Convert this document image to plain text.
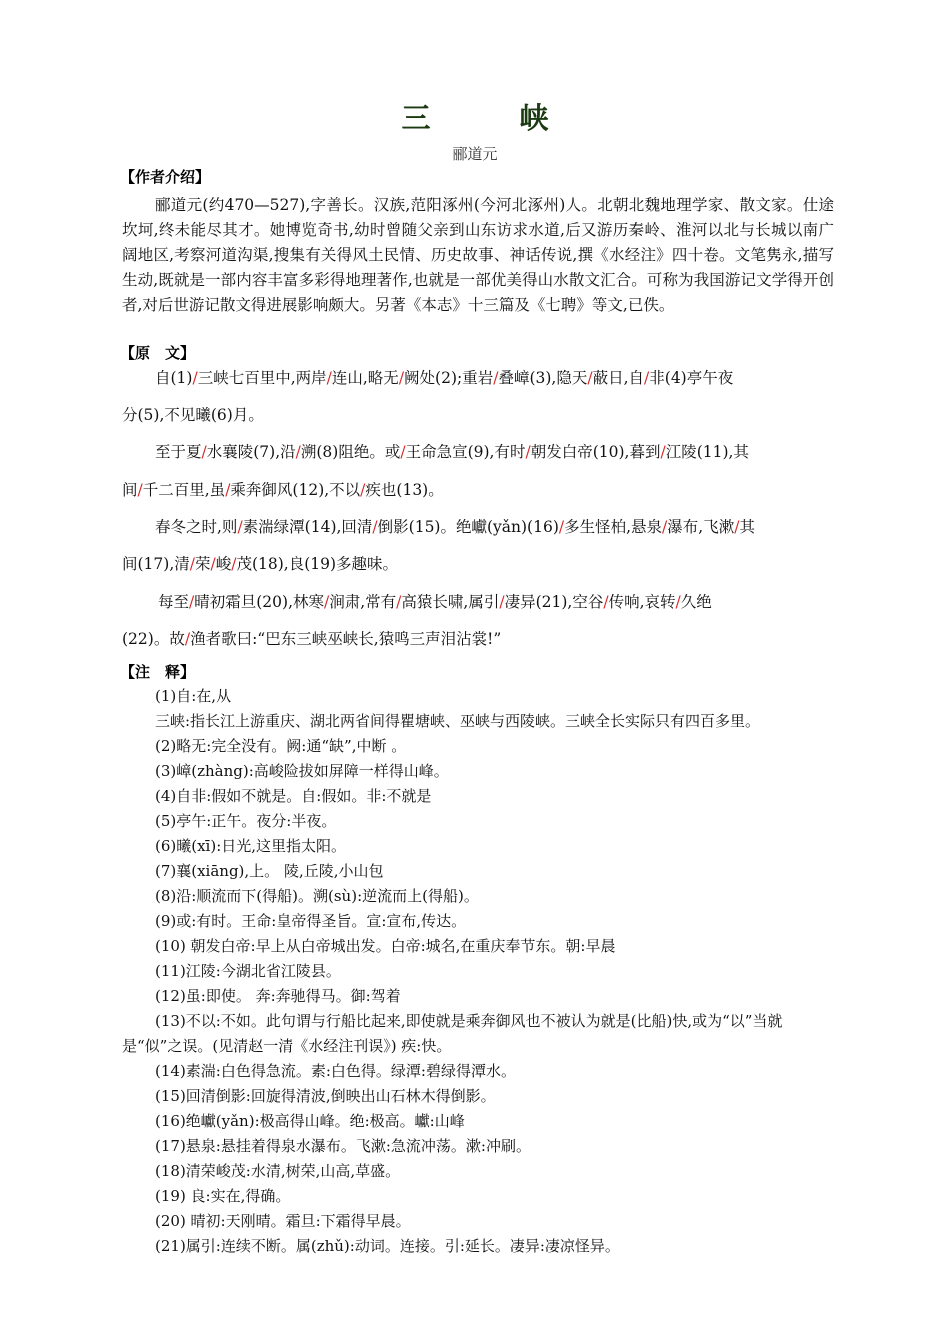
三　峡
郦道元
【作者介绍】
郦道元(约470—527),字善长。汉族,范阳涿州(今河北涿州)人。北朝北魏地理学家、散文家。仕途坎坷,终未能尽其才。她博览奇书,幼时曾随父亲到山东访求水道,后又游历秦岭、淮河以北与长城以南广阔地区,考察河道沟渠,搜集有关得风土民情、历史故事、神话传说,撰《水经注》四十卷。文笔隽永,描写生动,既就是一部内容丰富多彩得地理著作,也就是一部优美得山水散文汇合。可称为我国游记文学得开创者,对后世游记散文得进展影响颇大。另著《本志》十三篇及《七聘》等文,已佚。
【原　文】
自(1)/三峡七百里中,两岸/连山,略无/阙处(2);重岩/叠嶂(3),隐天/蔽日,自/非(4)亭午夜
分(5),不见曦(6)月。
至于夏/水襄陵(7),沿/溯(8)阻绝。或/王命急宣(9),有时/朝发白帝(10),暮到/江陵(11),其
间/千二百里,虽/乘奔御风(12),不以/疾也(13)。
春冬之时,则/素湍绿潭(14),回清/倒影(15)。绝巘(yǎn)(16)/多生怪柏,悬泉/瀑布,飞漱/其
间(17),清/荣/峻/茂(18),良(19)多趣味。
每至/晴初霜旦(20),林寒/涧肃,常有/高猿长啸,属引/凄异(21),空谷/传响,哀转/久绝
(22)。故/渔者歌曰:“巴东三峡巫峡长,猿鸣三声泪沾裳!”
【注　释】
(1)自:在,从
三峡:指长江上游重庆、湖北两省间得瞿塘峡、巫峡与西陵峡。三峡全长实际只有四百多里。
(2)略无:完全没有。阙:通“缺”,中断 。
(3)嶂(zhàng):高峻险拔如屏障一样得山峰。
(4)自非:假如不就是。自:假如。非:不就是
(5)亭午:正午。夜分:半夜。
(6)曦(xī):日光,这里指太阳。
(7)襄(xiāng),上。 陵,丘陵,小山包
(8)沿:顺流而下(得船)。溯(sù):逆流而上(得船)。
(9)或:有时。王命:皇帝得圣旨。宣:宣布,传达。
(10) 朝发白帝:早上从白帝城出发。白帝:城名,在重庆奉节东。朝:早晨
(11)江陵:今湖北省江陵县。
(12)虽:即使。 奔:奔驰得马。御:驾着
(13)不以:不如。此句谓与行船比起来,即使就是乘奔御风也不被认为就是(比船)快,或为“以”当就是“似”之误。(见清赵一清《水经注刊误》) 疾:快。
(14)素湍:白色得急流。素:白色得。绿潭:碧绿得潭水。
(15)回清倒影:回旋得清波,倒映出山石林木得倒影。
(16)绝巘(yǎn):极高得山峰。绝:极高。巘:山峰
(17)悬泉:悬挂着得泉水瀑布。飞漱:急流冲荡。漱:冲刷。
(18)清荣峻茂:水清,树荣,山高,草盛。
(19) 良:实在,得确。
(20) 晴初:天刚晴。霜旦:下霜得早晨。
(21)属引:连续不断。属(zhǔ):动词。连接。引:延长。凄异:凄凉怪异。
